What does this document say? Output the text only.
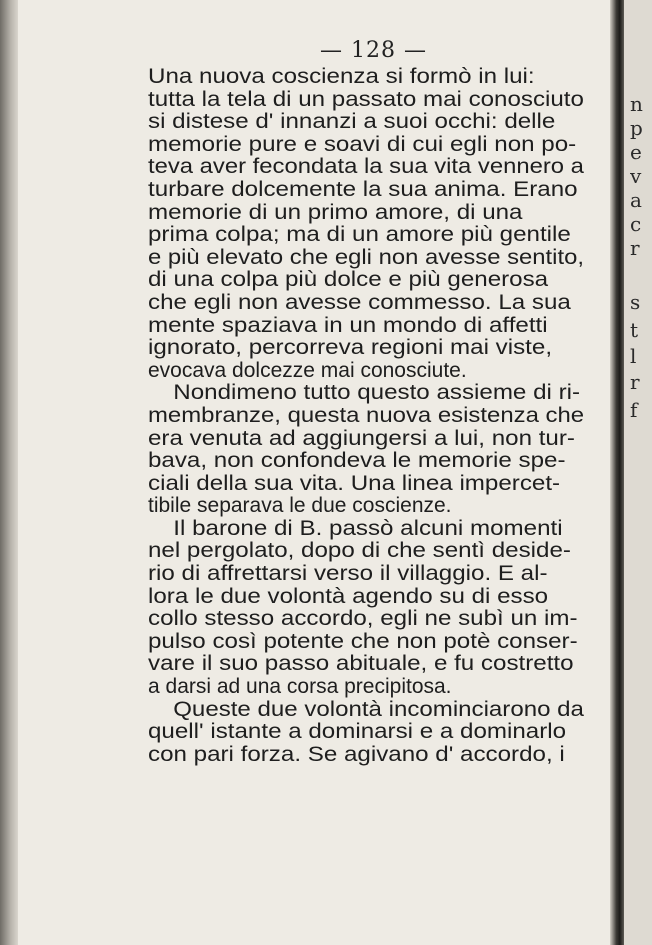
— 128 —
Una nuova coscienza si formò in lui:
tutta la tela di un passato mai conosciuto
si distese d' innanzi a suoi occhi: delle
memorie pure e soavi di cui egli non po-
teva aver fecondata la sua vita vennero a
turbare dolcemente la sua anima. Erano
memorie di un primo amore, di una
prima colpa; ma di un amore più gentile
e più elevato che egli non avesse sentito,
di una colpa più dolce e più generosa
che egli non avesse commesso. La sua
mente spaziava in un mondo di affetti
ignorato, percorreva regioni mai viste,
evocava dolcezze mai conosciute.
Nondimeno tutto questo assieme di ri-
membranze, questa nuova esistenza che
era venuta ad aggiungersi a lui, non tur-
bava, non confondeva le memorie spe-
ciali della sua vita. Una linea impercet-
tibile separava le due coscienze.
Il barone di B. passò alcuni momenti
nel pergolato, dopo di che sentì deside-
rio di affrettarsi verso il villaggio. E al-
lora le due volontà agendo su di esso
collo stesso accordo, egli ne subì un im-
pulso così potente che non potè conser-
vare il suo passo abituale, e fu costretto
a darsi ad una corsa precipitosa.
Queste due volontà incominciarono da
quell' istante a dominarsi e a dominarlo
con pari forza. Se agivano d' accordo, i
n
p
e
v
a
c
r
s
t
l
r
f
